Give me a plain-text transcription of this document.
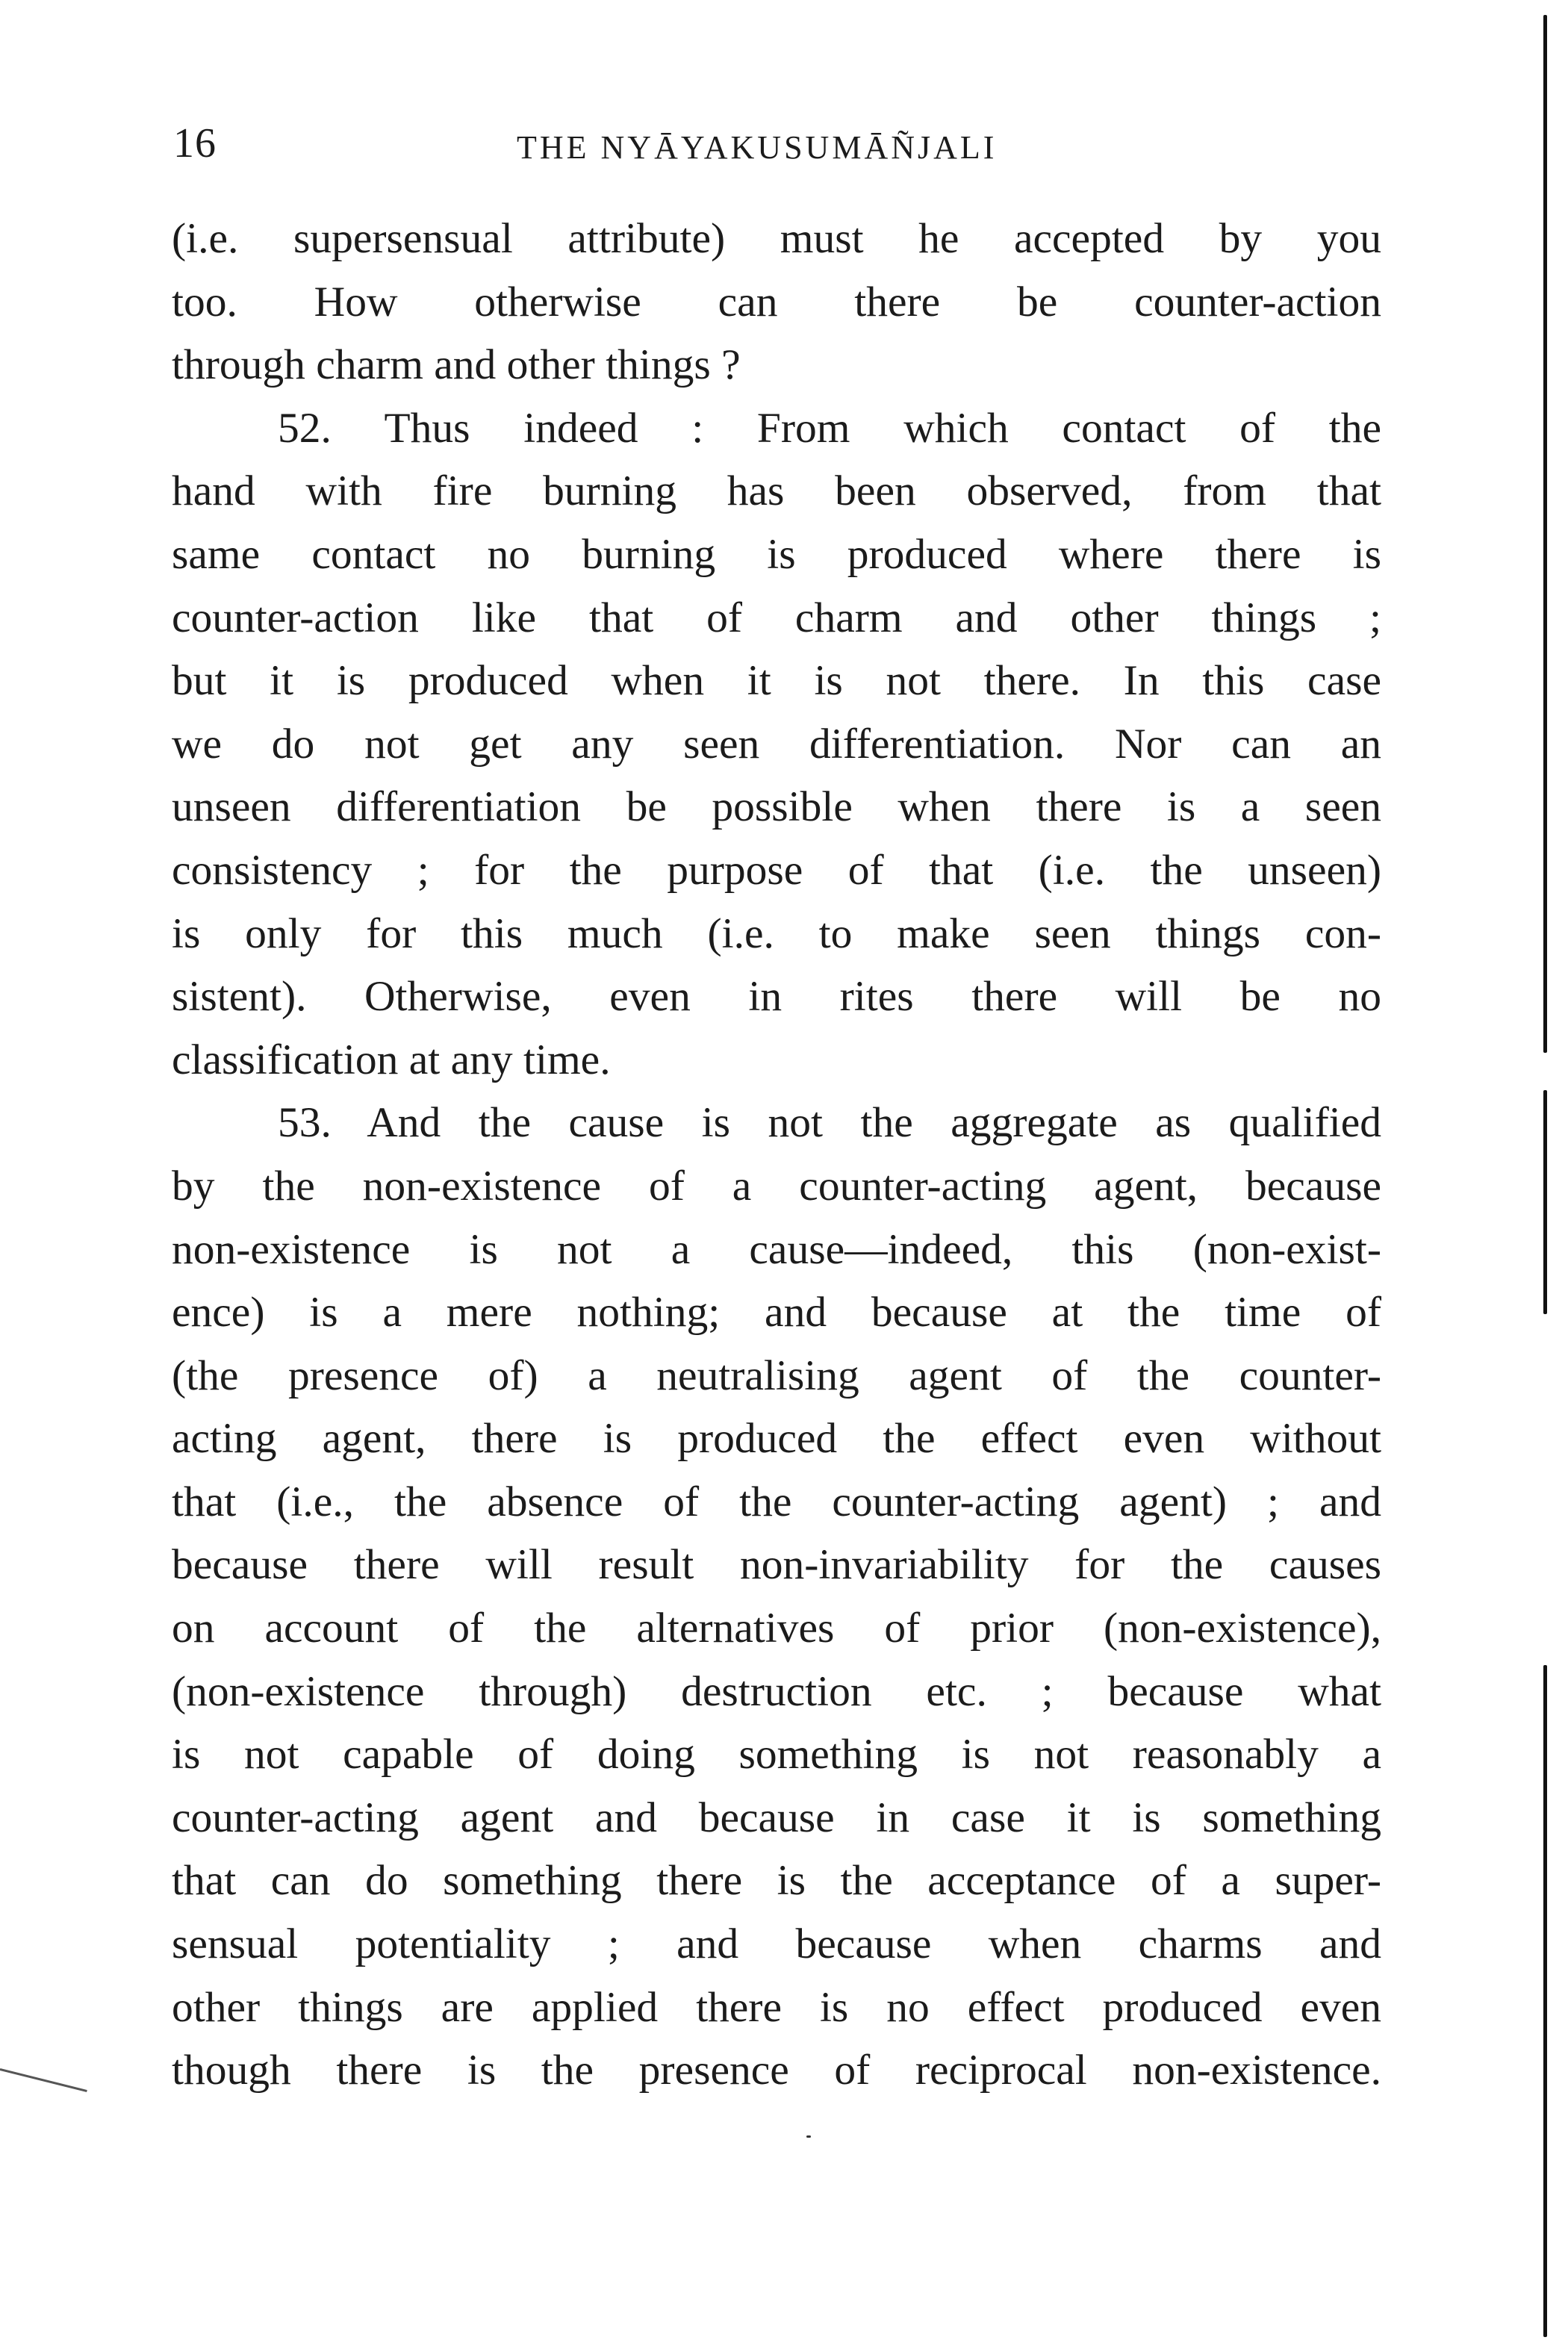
16	THE NYĀYAKUSUMĀÑJALI
(i.e. supersensual attribute) must he accepted by you
too. How otherwise can there be counter-action
through charm and other things ?
52. Thus indeed : From which contact of the
hand with fire burning has been observed, from that
same contact no burning is produced where there is
counter-action like that of charm and other things ;
but it is produced when it is not there. In this case
we do not get any seen differentiation. Nor can an
unseen differentiation be possible when there is a seen
consistency ; for the purpose of that (i.e. the unseen)
is only for this much (i.e. to make seen things con-
sistent). Otherwise, even in rites there will be no
classification at any time.
53. And the cause is not the aggregate as qualified
by the non-existence of a counter-acting agent, because
non-existence is not a cause—indeed, this (non-exist-
ence) is a mere nothing; and because at the time of
(the presence of) a neutralising agent of the counter-
acting agent, there is produced the effect even without
that (i.e., the absence of the counter-acting agent) ; and
because there will result non-invariability for the causes
on account of the alternatives of prior (non-existence),
(non-existence through) destruction etc. ; because what
is not capable of doing something is not reasonably a
counter-acting agent and because in case it is something
that can do something there is the acceptance of a super-
sensual potentiality ; and because when charms and
other things are applied there is no effect produced even
though there is the presence of reciprocal non-existence.
